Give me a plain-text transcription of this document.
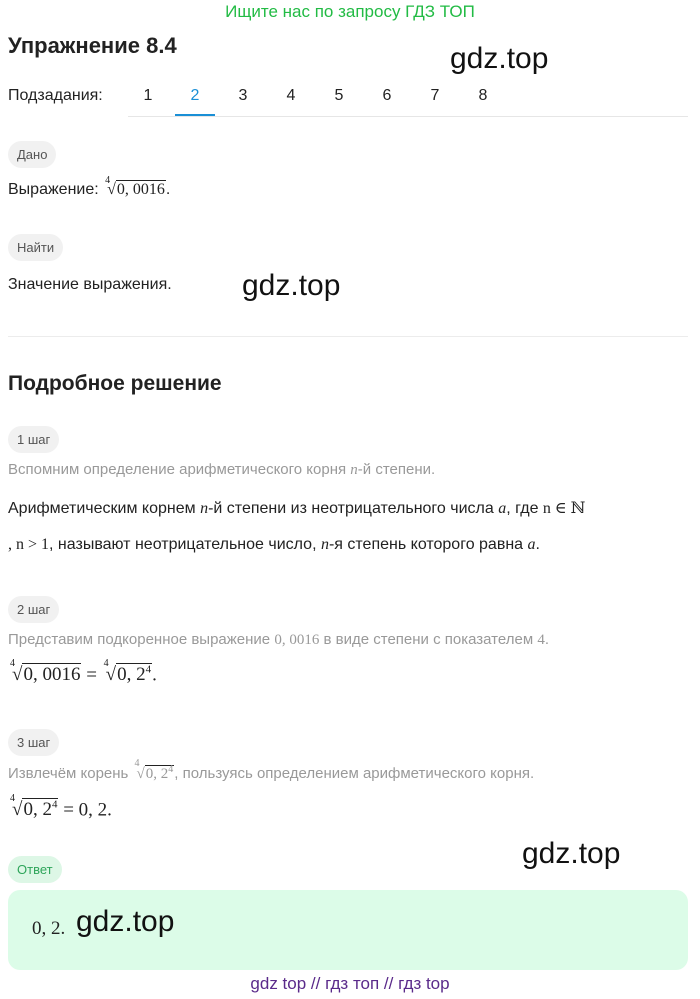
Ищите нас по запросу ГДЗ ТОП
Упражнение 8.4	gdz.top
Подзадания:	1	2	3	4	5	6	7	8
Дано
Выражение:
4
√0, 0016.
Найти
Значение выражения. gdz.top
Подробное решение
1 шаг
Вспомним определение арифметического корня n-й степени.
Арифметическим корнем n-й степени из неотрицательного числа a, где n ∈ ℕ
, n > 1, называют неотрицательное число, n-я степень которого равна a.
2 шаг
Представим подкоренное выражение 0, 0016 в виде степени с показателем 4.
4
√0, 0016 =
4
√0, $2^4$.
3 шаг
Извлечём корень
4
√0, $2^4$, пользуясь определением арифметического корня.
4
√0, $2^4 = 0$, 2.
Ответ	gdz.top
0, 2. gdz.top
gdz top // гдз топ // гдз top
